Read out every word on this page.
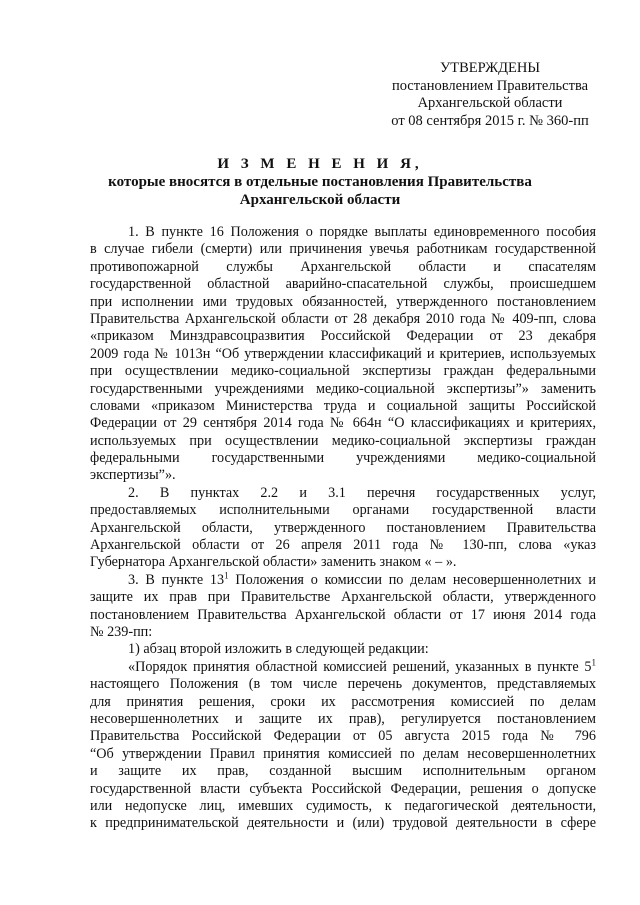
УТВЕРЖДЕНЫ
постановлением Правительства
Архангельской области
от 08 сентября 2015 г. № 360-пп
И З М Е Н Е Н И Я,
которые вносятся в отдельные постановления Правительства
Архангельской области
1. В пункте 16 Положения о порядке выплаты единовременного пособия
в случае гибели (смерти) или причинения увечья работникам государственной
противопожарной службы Архангельской области и спасателям
государственной областной аварийно-спасательной службы, происшедшем
при исполнении ими трудовых обязанностей, утвержденного постановлением
Правительства Архангельской области от 28 декабря 2010 года № 409-пп, слова
«приказом Минздравсоцразвития Российской Федерации от 23 декабря
2009 года № 1013н “Об утверждении классификаций и критериев, используемых
при осуществлении медико-социальной экспертизы граждан федеральными
государственными учреждениями медико-социальной экспертизы”» заменить
словами «приказом Министерства труда и социальной защиты Российской
Федерации от 29 сентября 2014 года № 664н “О классификациях и критериях,
используемых при осуществлении медико-социальной экспертизы граждан
федеральными государственными учреждениями медико-социальной
экспертизы”».
2. В пунктах 2.2 и 3.1 перечня государственных услуг,
предоставляемых исполнительными органами государственной власти
Архангельской области, утвержденного постановлением Правительства
Архангельской области от 26 апреля 2011 года № 130-пп, слова «указ
Губернатора Архангельской области» заменить знаком « – ».
3. В пункте $13^1$ Положения о комиссии по делам несовершеннолетних и
защите их прав при Правительстве Архангельской области, утвержденного
постановлением Правительства Архангельской области от 17 июня 2014 года
№ 239-пп:
1) абзац второй изложить в следующей редакции:
«Порядок принятия областной комиссией решений, указанных в пункте $5^1$
настоящего Положения (в том числе перечень документов, представляемых
для принятия решения, сроки их рассмотрения комиссией по делам
несовершеннолетних и защите их прав), регулируется постановлением
Правительства Российской Федерации от 05 августа 2015 года № 796
“Об утверждении Правил принятия комиссией по делам несовершеннолетних
и защите их прав, созданной высшим исполнительным органом
государственной власти субъекта Российской Федерации, решения о допуске
или недопуске лиц, имевших судимость, к педагогической деятельности,
к предпринимательской деятельности и (или) трудовой деятельности в сфере
